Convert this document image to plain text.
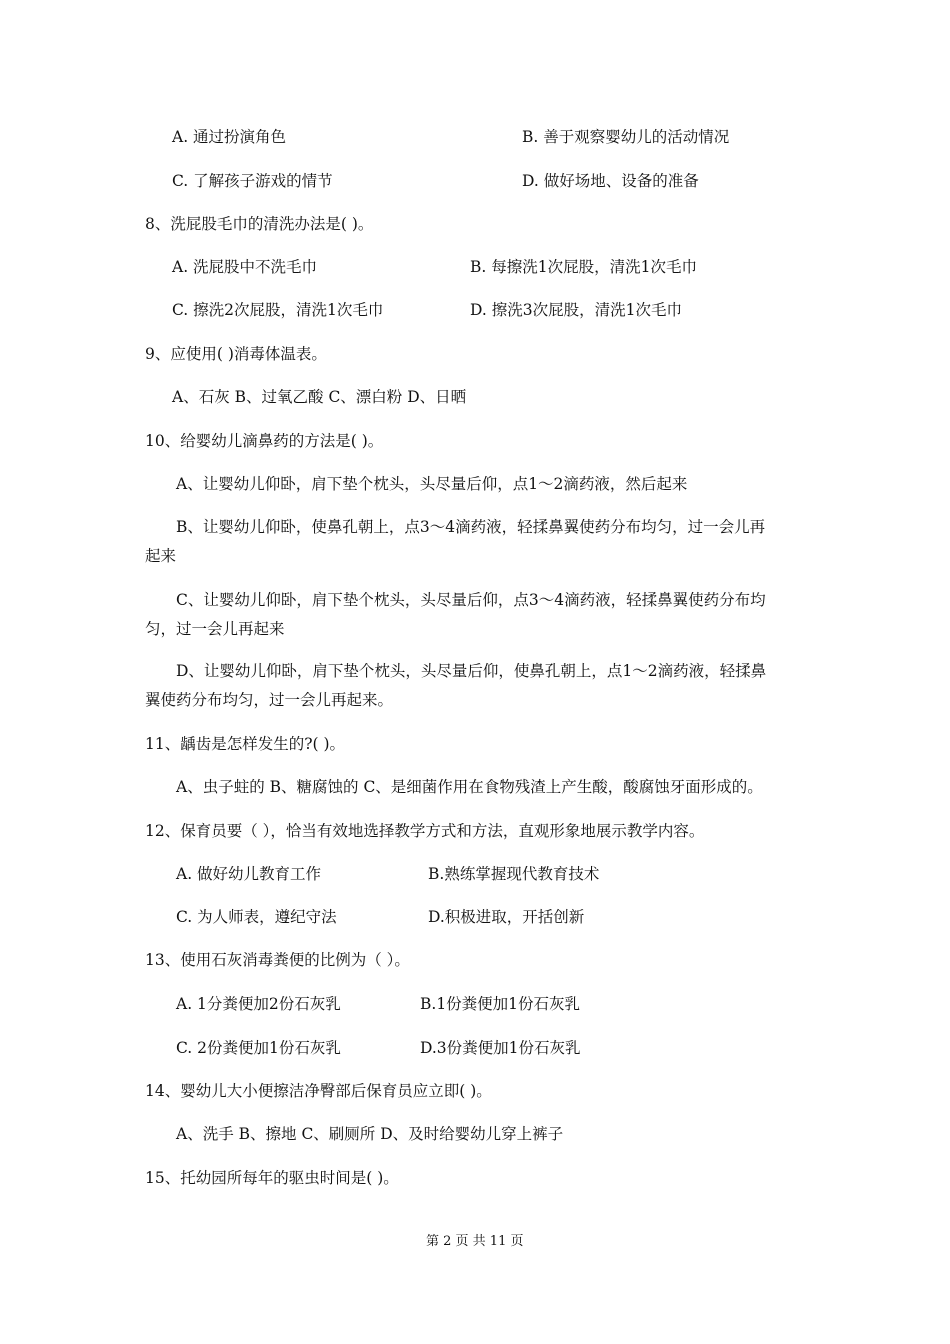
A. 通过扮演角色	B. 善于观察婴幼儿的活动情况
C. 了解孩子游戏的情节	D. 做好场地、设备的准备
8、洗屁股毛巾的清洗办法是( )。
A. 洗屁股中不洗毛巾	B. 每擦洗1次屁股，清洗1次毛巾
C. 擦洗2次屁股，清洗1次毛巾	D. 擦洗3次屁股，清洗1次毛巾
9、应使用( )消毒体温表。
A、石灰 B、过氧乙酸 C、漂白粉 D、日晒
10、给婴幼儿滴鼻药的方法是( )。
A、让婴幼儿仰卧，肩下垫个枕头，头尽量后仰，点1～2滴药液，然后起来
B、让婴幼儿仰卧，使鼻孔朝上，点3～4滴药液，轻揉鼻翼使药分布均匀，过一会儿再
起来
C、让婴幼儿仰卧，肩下垫个枕头，头尽量后仰，点3～4滴药液，轻揉鼻翼使药分布均
匀，过一会儿再起来
D、让婴幼儿仰卧，肩下垫个枕头，头尽量后仰，使鼻孔朝上，点1～2滴药液，轻揉鼻
翼使药分布均匀，过一会儿再起来。
11、龋齿是怎样发生的?( )。
A、虫子蛀的 B、糖腐蚀的 C、是细菌作用在食物残渣上产生酸，酸腐蚀牙面形成的。
12、保育员要（ ），恰当有效地选择教学方式和方法，直观形象地展示教学内容。
A. 做好幼儿教育工作	B.熟练掌握现代教育技术
C. 为人师表，遵纪守法	D.积极进取，开括创新
13、使用石灰消毒粪便的比例为（ ）。
A. 1分粪便加2份石灰乳	B.1份粪便加1份石灰乳
C. 2份粪便加1份石灰乳	D.3份粪便加1份石灰乳
14、婴幼儿大小便擦洁净臀部后保育员应立即( )。
A、洗手 B、擦地 C、刷厕所 D、及时给婴幼儿穿上裤子
15、托幼园所每年的驱虫时间是( )。
第 2 页 共 11 页
